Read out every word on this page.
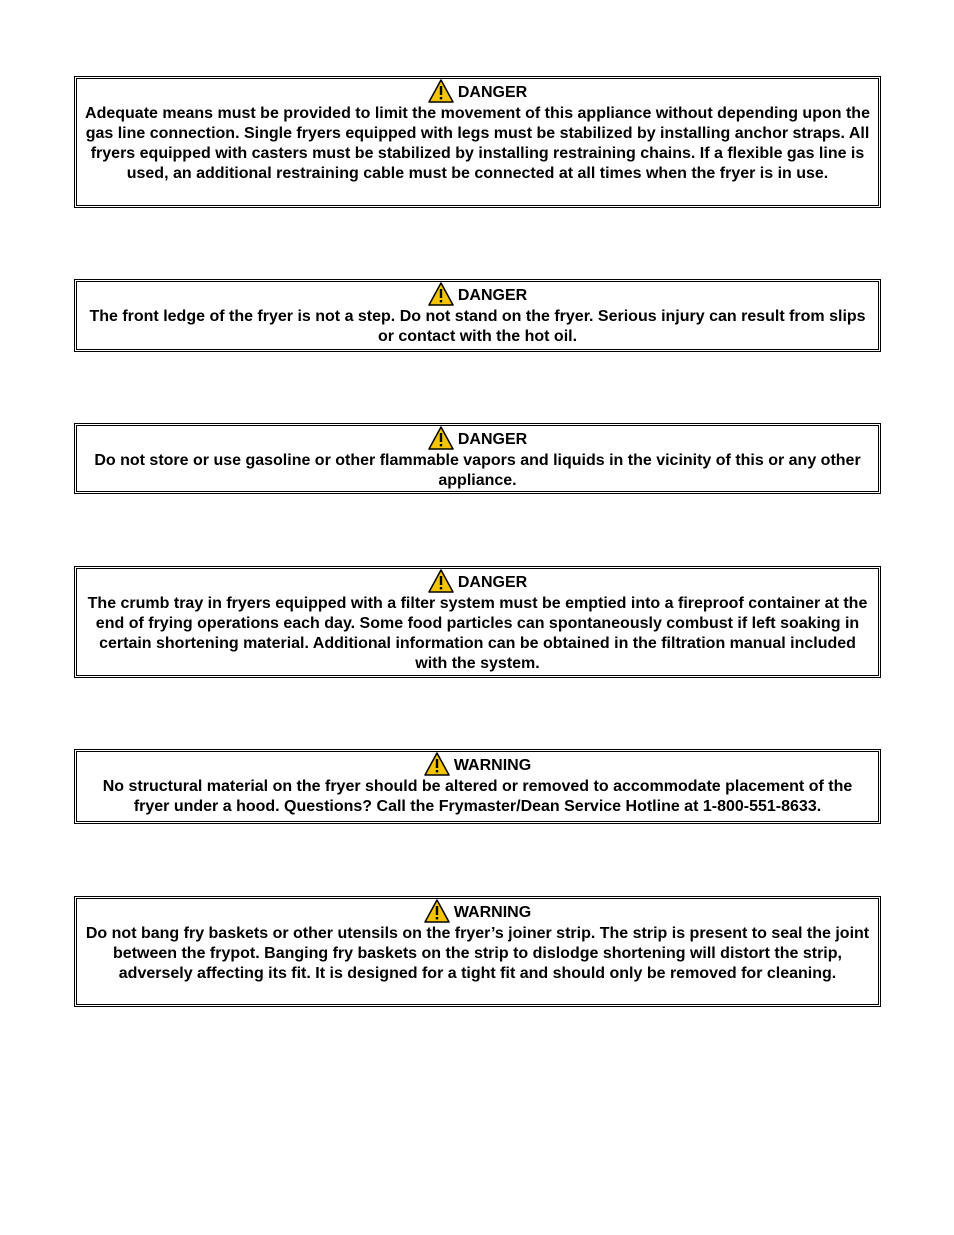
DANGER
Adequate means must be provided to limit the movement of this appliance without depending upon the gas line connection. Single fryers equipped with legs must be stabilized by installing anchor straps. All fryers equipped with casters must be stabilized by installing restraining chains. If a flexible gas line is used, an additional restraining cable must be connected at all times when the fryer is in use.
DANGER
The front ledge of the fryer is not a step. Do not stand on the fryer. Serious injury can result from slips or contact with the hot oil.
DANGER
Do not store or use gasoline or other flammable vapors and liquids in the vicinity of this or any other appliance.
DANGER
The crumb tray in fryers equipped with a filter system must be emptied into a fireproof container at the end of frying operations each day. Some food particles can spontaneously combust if left soaking in certain shortening material. Additional information can be obtained in the filtration manual included with the system.
WARNING
No structural material on the fryer should be altered or removed to accommodate placement of the fryer under a hood. Questions? Call the Frymaster/Dean Service Hotline at 1-800-551-8633.
WARNING
Do not bang fry baskets or other utensils on the fryer’s joiner strip. The strip is present to seal the joint between the frypot. Banging fry baskets on the strip to dislodge shortening will distort the strip, adversely affecting its fit. It is designed for a tight fit and should only be removed for cleaning.
